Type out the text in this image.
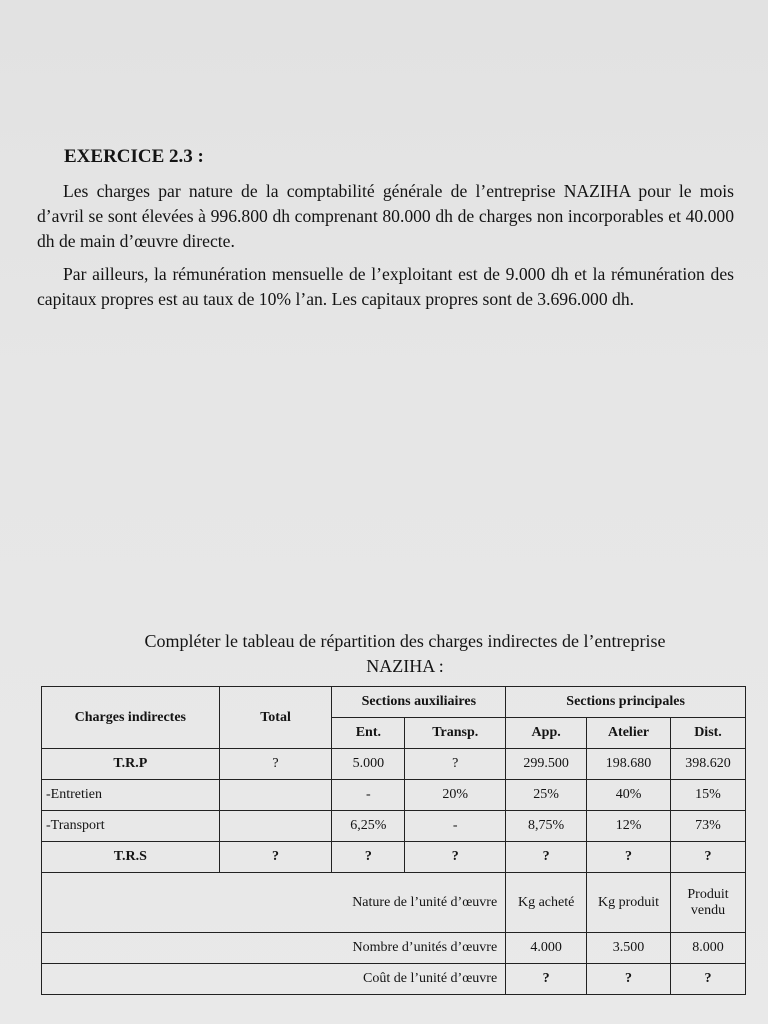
EXERCICE 2.3 :

Les charges par nature de la comptabilité générale de l’entreprise NAZIHA pour le mois d’avril se sont élevées à 996.800 dh comprenant 80.000 dh de charges non incorporables et 40.000 dh de main d’œuvre directe.

Par ailleurs, la rémunération mensuelle de l’exploitant est de 9.000 dh et la rémunération des capitaux propres est au taux de 10% l’an. Les capitaux propres sont de 3.696.000 dh.

Compléter le tableau de répartition des charges indirectes de l’entreprise
NAZIHA :
Charges indirectes	Total	Sections auxiliaires		Sections principales		
		Ent.	Transp.	App.	Atelier	Dist.
T.R.P	?	5.000	?	299.500	198.680	398.620
-Entretien		-	20%	25%	40%	15%
-Transport		6,25%	-	8,75%	12%	73%
T.R.S	?	?	?	?	?	?
Nature de l’unité d’œuvre				Kg acheté	Kg produit	Produit vendu
Nombre d’unités d’œuvre				4.000	3.500	8.000
Coût de l’unité d’œuvre				?	?	?
